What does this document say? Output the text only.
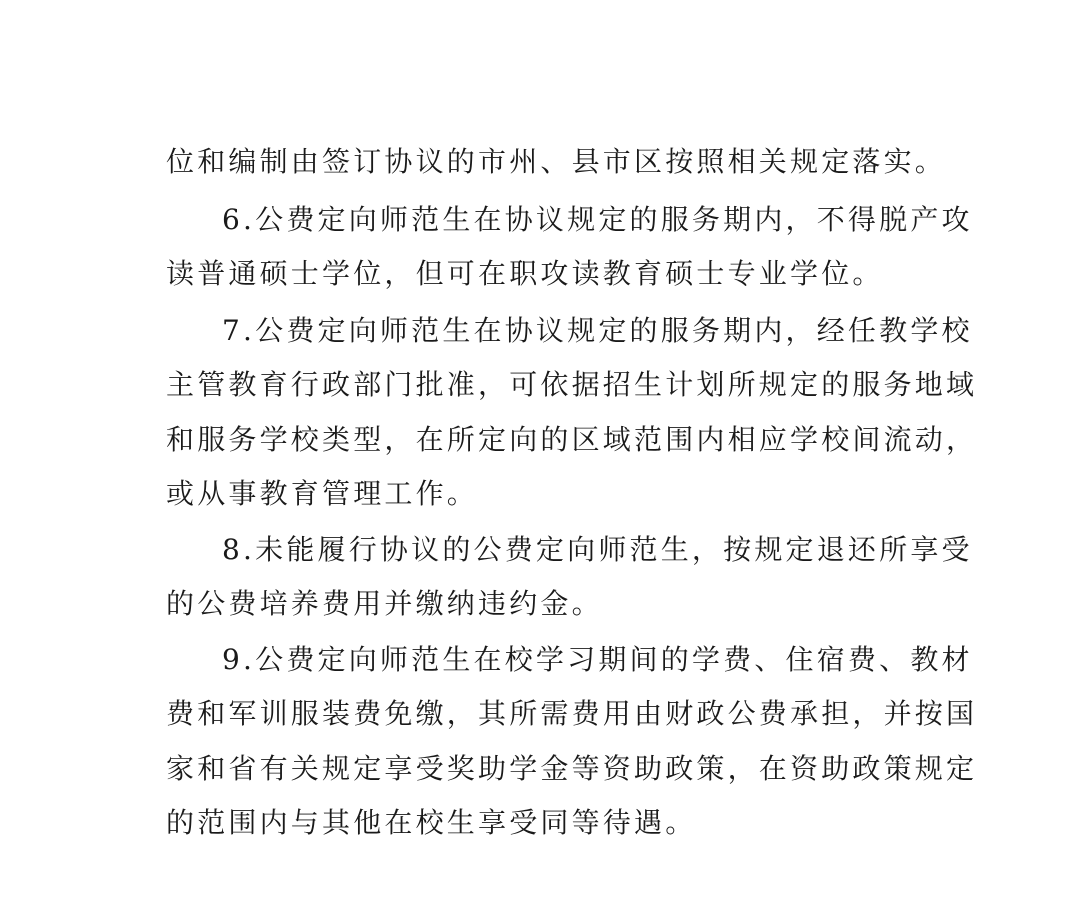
位和编制由签订协议的市州、县市区按照相关规定落实。
6.公费定向师范生在协议规定的服务期内，不得脱产攻
读普通硕士学位，但可在职攻读教育硕士专业学位。
7.公费定向师范生在协议规定的服务期内，经任教学校
主管教育行政部门批准，可依据招生计划所规定的服务地域
和服务学校类型，在所定向的区域范围内相应学校间流动，
或从事教育管理工作。
8.未能履行协议的公费定向师范生，按规定退还所享受
的公费培养费用并缴纳违约金。
9.公费定向师范生在校学习期间的学费、住宿费、教材
费和军训服装费免缴，其所需费用由财政公费承担，并按国
家和省有关规定享受奖助学金等资助政策，在资助政策规定
的范围内与其他在校生享受同等待遇。
